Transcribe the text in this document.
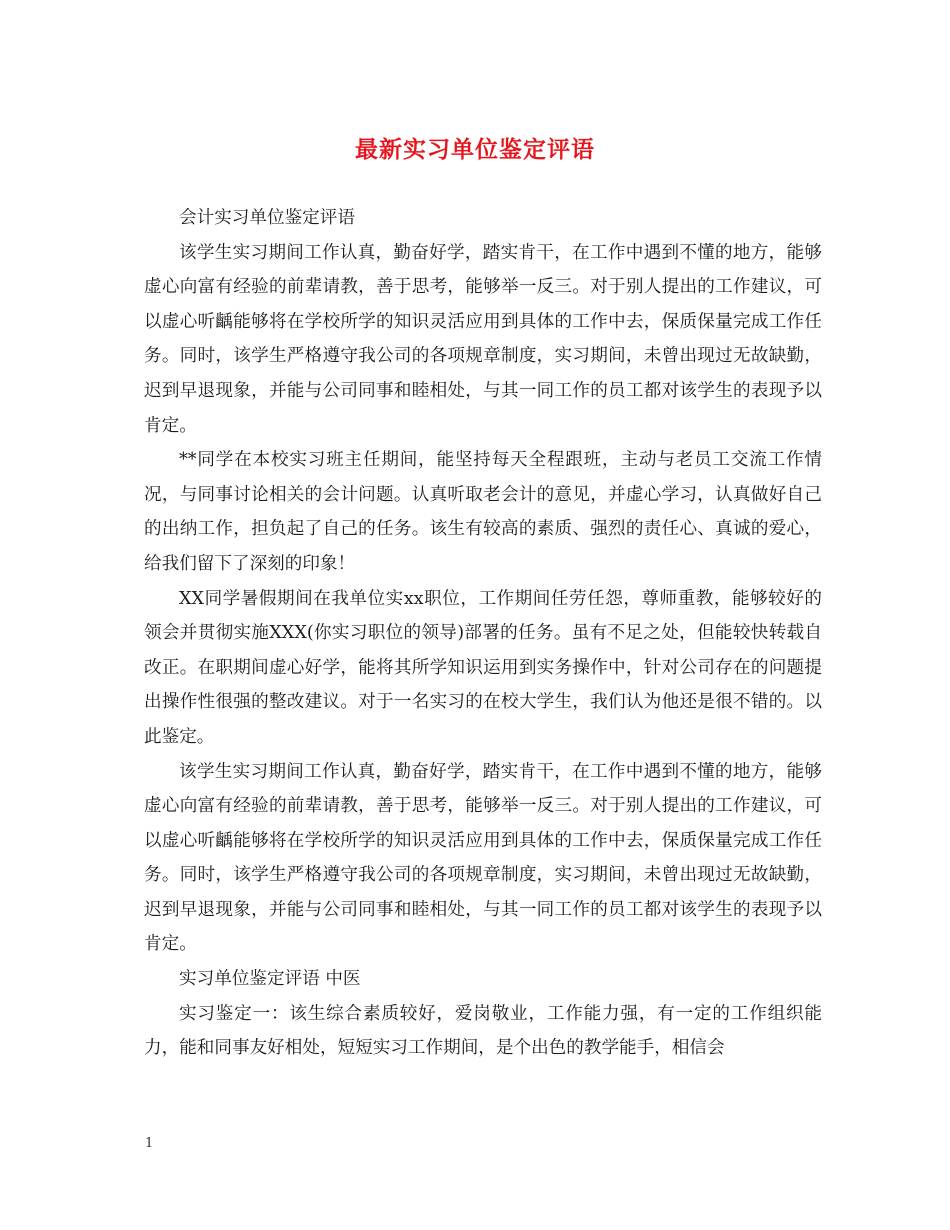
最新实习单位鉴定评语

会计实习单位鉴定评语

该学生实习期间工作认真，勤奋好学，踏实肯干，在工作中遇到不懂的地方，能够虚心向富有经验的前辈请教，善于思考，能够举一反三。对于别人提出的工作建议，可以虚心听齲能够将在学校所学的知识灵活应用到具体的工作中去，保质保量完成工作任务。同时，该学生严格遵守我公司的各项规章制度，实习期间，未曾出现过无故缺勤，迟到早退现象，并能与公司同事和睦相处，与其一同工作的员工都对该学生的表现予以肯定。

**同学在本校实习班主任期间，能坚持每天全程跟班，主动与老员工交流工作情况，与同事讨论相关的会计问题。认真听取老会计的意见，并虚心学习，认真做好自己的出纳工作，担负起了自己的任务。该生有较高的素质、强烈的责任心、真诚的爱心，给我们留下了深刻的印象！

XX同学暑假期间在我单位实xx职位，工作期间任劳任怨，尊师重教，能够较好的领会并贯彻实施XXX(你实习职位的领导)部署的任务。虽有不足之处，但能较快转载自 改正。在职期间虚心好学，能将其所学知识运用到实务操作中，针对公司存在的问题提出操作性很强的整改建议。对于一名实习的在校大学生，我们认为他还是很不错的。以此鉴定。

该学生实习期间工作认真，勤奋好学，踏实肯干，在工作中遇到不懂的地方，能够虚心向富有经验的前辈请教，善于思考，能够举一反三。对于别人提出的工作建议，可以虚心听齲能够将在学校所学的知识灵活应用到具体的工作中去，保质保量完成工作任务。同时，该学生严格遵守我公司的各项规章制度，实习期间，未曾出现过无故缺勤，迟到早退现象，并能与公司同事和睦相处，与其一同工作的员工都对该学生的表现予以肯定。

实习单位鉴定评语 中医

实习鉴定一：该生综合素质较好，爱岗敬业，工作能力强，有一定的工作组织能力，能和同事友好相处，短短实习工作期间，是个出色的教学能手，相信会

1
